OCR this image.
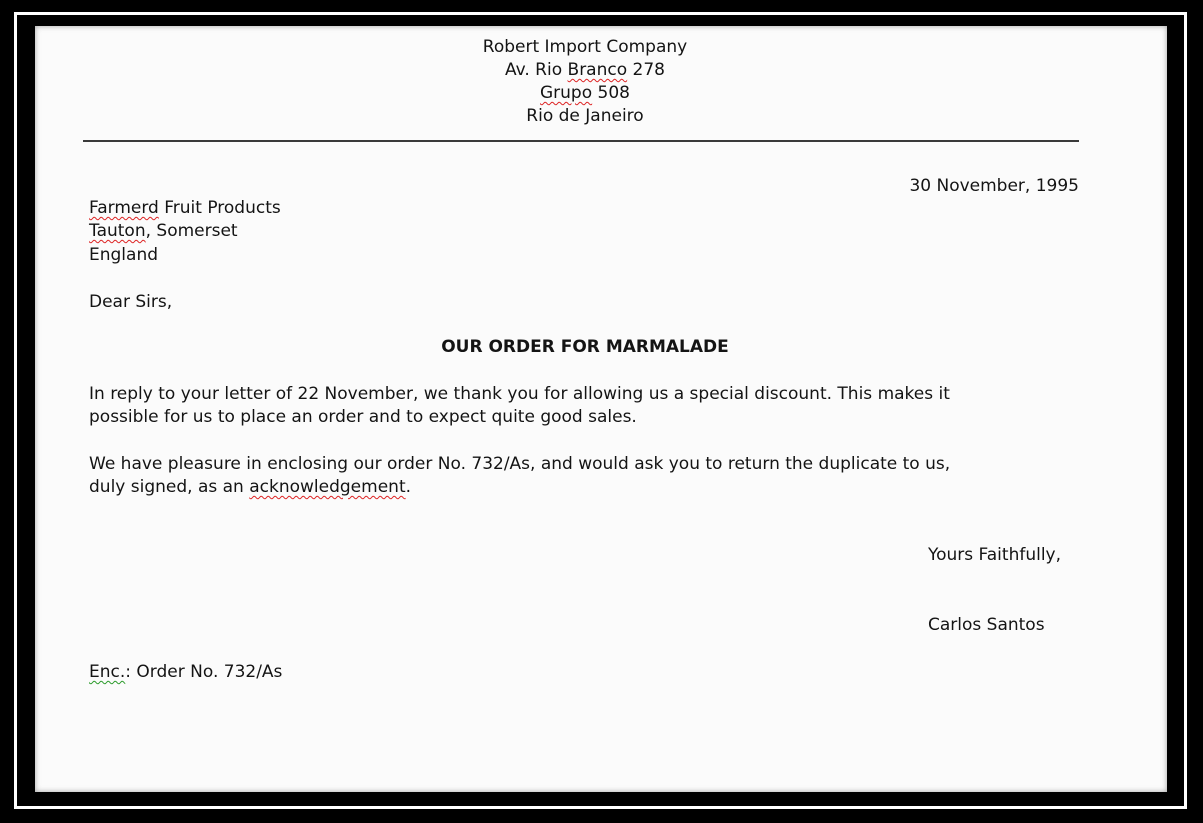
Robert Import Company
Av. Rio Branco 278
Grupo 508
Rio de Janeiro
30 November, 1995
Farmerd Fruit Products
Tauton, Somerset
England
Dear Sirs,
OUR ORDER FOR MARMALADE
In reply to your letter of 22 November, we thank you for allowing us a special discount. This makes it
possible for us to place an order and to expect quite good sales.
We have pleasure in enclosing our order No. 732/As, and would ask you to return the duplicate to us,
duly signed, as an acknowledgement.
Yours Faithfully,
Carlos Santos
Enc.: Order No. 732/As
